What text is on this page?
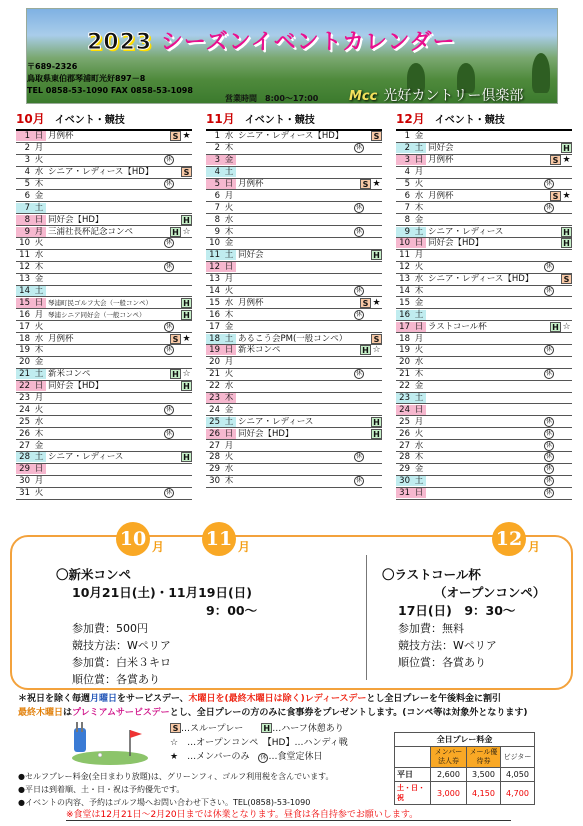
2023 シーズンイベントカレンダー
〒689-2326
鳥取県東伯郡琴浦町光好897－8
TEL 0858-53-1090 FAX 0858-53-1098
営業時間　 8:00～17:00 Mcc 光好カントリー倶楽部
10月 イベント・競技
1 日 月例杯	S ★
2 月
3 火	休
4 水 シニア・レディース【HD】	S
5 木	休
6 金
7 土
8 日 同好会【HD】	H
9 月 三浦社長杯記念コンペ	H ☆
10 火	休
11 水
12 木	休
13 金
14 土
15 日 琴浦町民ゴルフ大会（一般コンペ）	H
16 月 琴浦シニア同好会（一般コンペ）	H
17 火	休
18 水 月例杯	S ★
19 木	休
20 金
21 土 新米コンペ	H ☆
22 日 同好会【HD】	H
23 月
24 火	休
25 水
26 木	休
27 金
28 土 シニア・レディース	H
29 日
30 月
31 火	休
11月 イベント・競技
1 水 シニア・レディース【HD】	S
2 木	休
3 金
4 土
5 日 月例杯	S ★
6 月
7 火	休
8 水
9 木	休
10 金
11 土 同好会	H
12 日
13 月
14 火	休
15 水 月例杯	S ★
16 木	休
17 金
18 土 あるこう会PM(一般コンペ）	S
19 日 新米コンペ	H ☆
20 月
21 火	休
22 水
23 木
24 金
25 土 シニア・レディース	H
26 日 同好会【HD】	H
27 月
28 火	休
29 水
30 木	休
12月 イベント・競技
1 金
2 土 同好会	H
3 日 月例杯	S ★
4 月
5 火	休
6 水 月例杯	S ★
7 木	休
8 金
9 土 シニア・レディース	H
10 日 同好会【HD】	H
11 月
12 火	休
13 水 シニア・レディース【HD】	S
14 木	休
15 金
16 土
17 日 ラストコール杯	H ☆
18 月
19 火	休
20 水
21 木	休
22 金
23 土
24 日
25 月	休
26 火	休
27 水	休
28 木	休
29 金	休
30 土	休
31 日	休
10 月 11 月	12 月
〇新米コンペ
10月21日(土)・11月19日(日)
9：00～
参加費：500円
競技方法：Wペリア
参加賞：白米３キロ
順位賞：各賞あり
〇ラストコール杯
（オープンコンペ）
17日(日)　9：30～
参加費：無料
競技方法：Wペリア
順位賞：各賞あり
＊祝日を除く毎週月曜日をサービスデー、木曜日を(最終木曜日は除く)レディースデーとし全日プレーを午後料金に割引
最終木曜日はプレミアムサービスデーとし、全日プレーの方のみに食事券をプレゼントします。(コンペ等は対象外となります)
S …スループレー　　	H …ハーフ休憩あり
☆　…オープンコンペ　 【HD】…ハンディ戦
★　…メンバーのみ　 休 …食堂定休日
全日プレー料金			
	メンバー法人券	メール優待券	ビジター
平日	2,600	3,500	4,050
土・日・祝	3,000	4,150	4,700
●セルフプレー料金(全日まわり放題)は、グリーンフィ、ゴルフ利用税を含んでいます。
●平日は到着順、土・日・祝は予約優先です。
●イベントの内容、予約はゴルフ場へお問い合わせ下さい。TEL(0858)-53-1090
※食堂は12月21日～2月20日までは休業となります。昼食は各自持参でお願いします。
